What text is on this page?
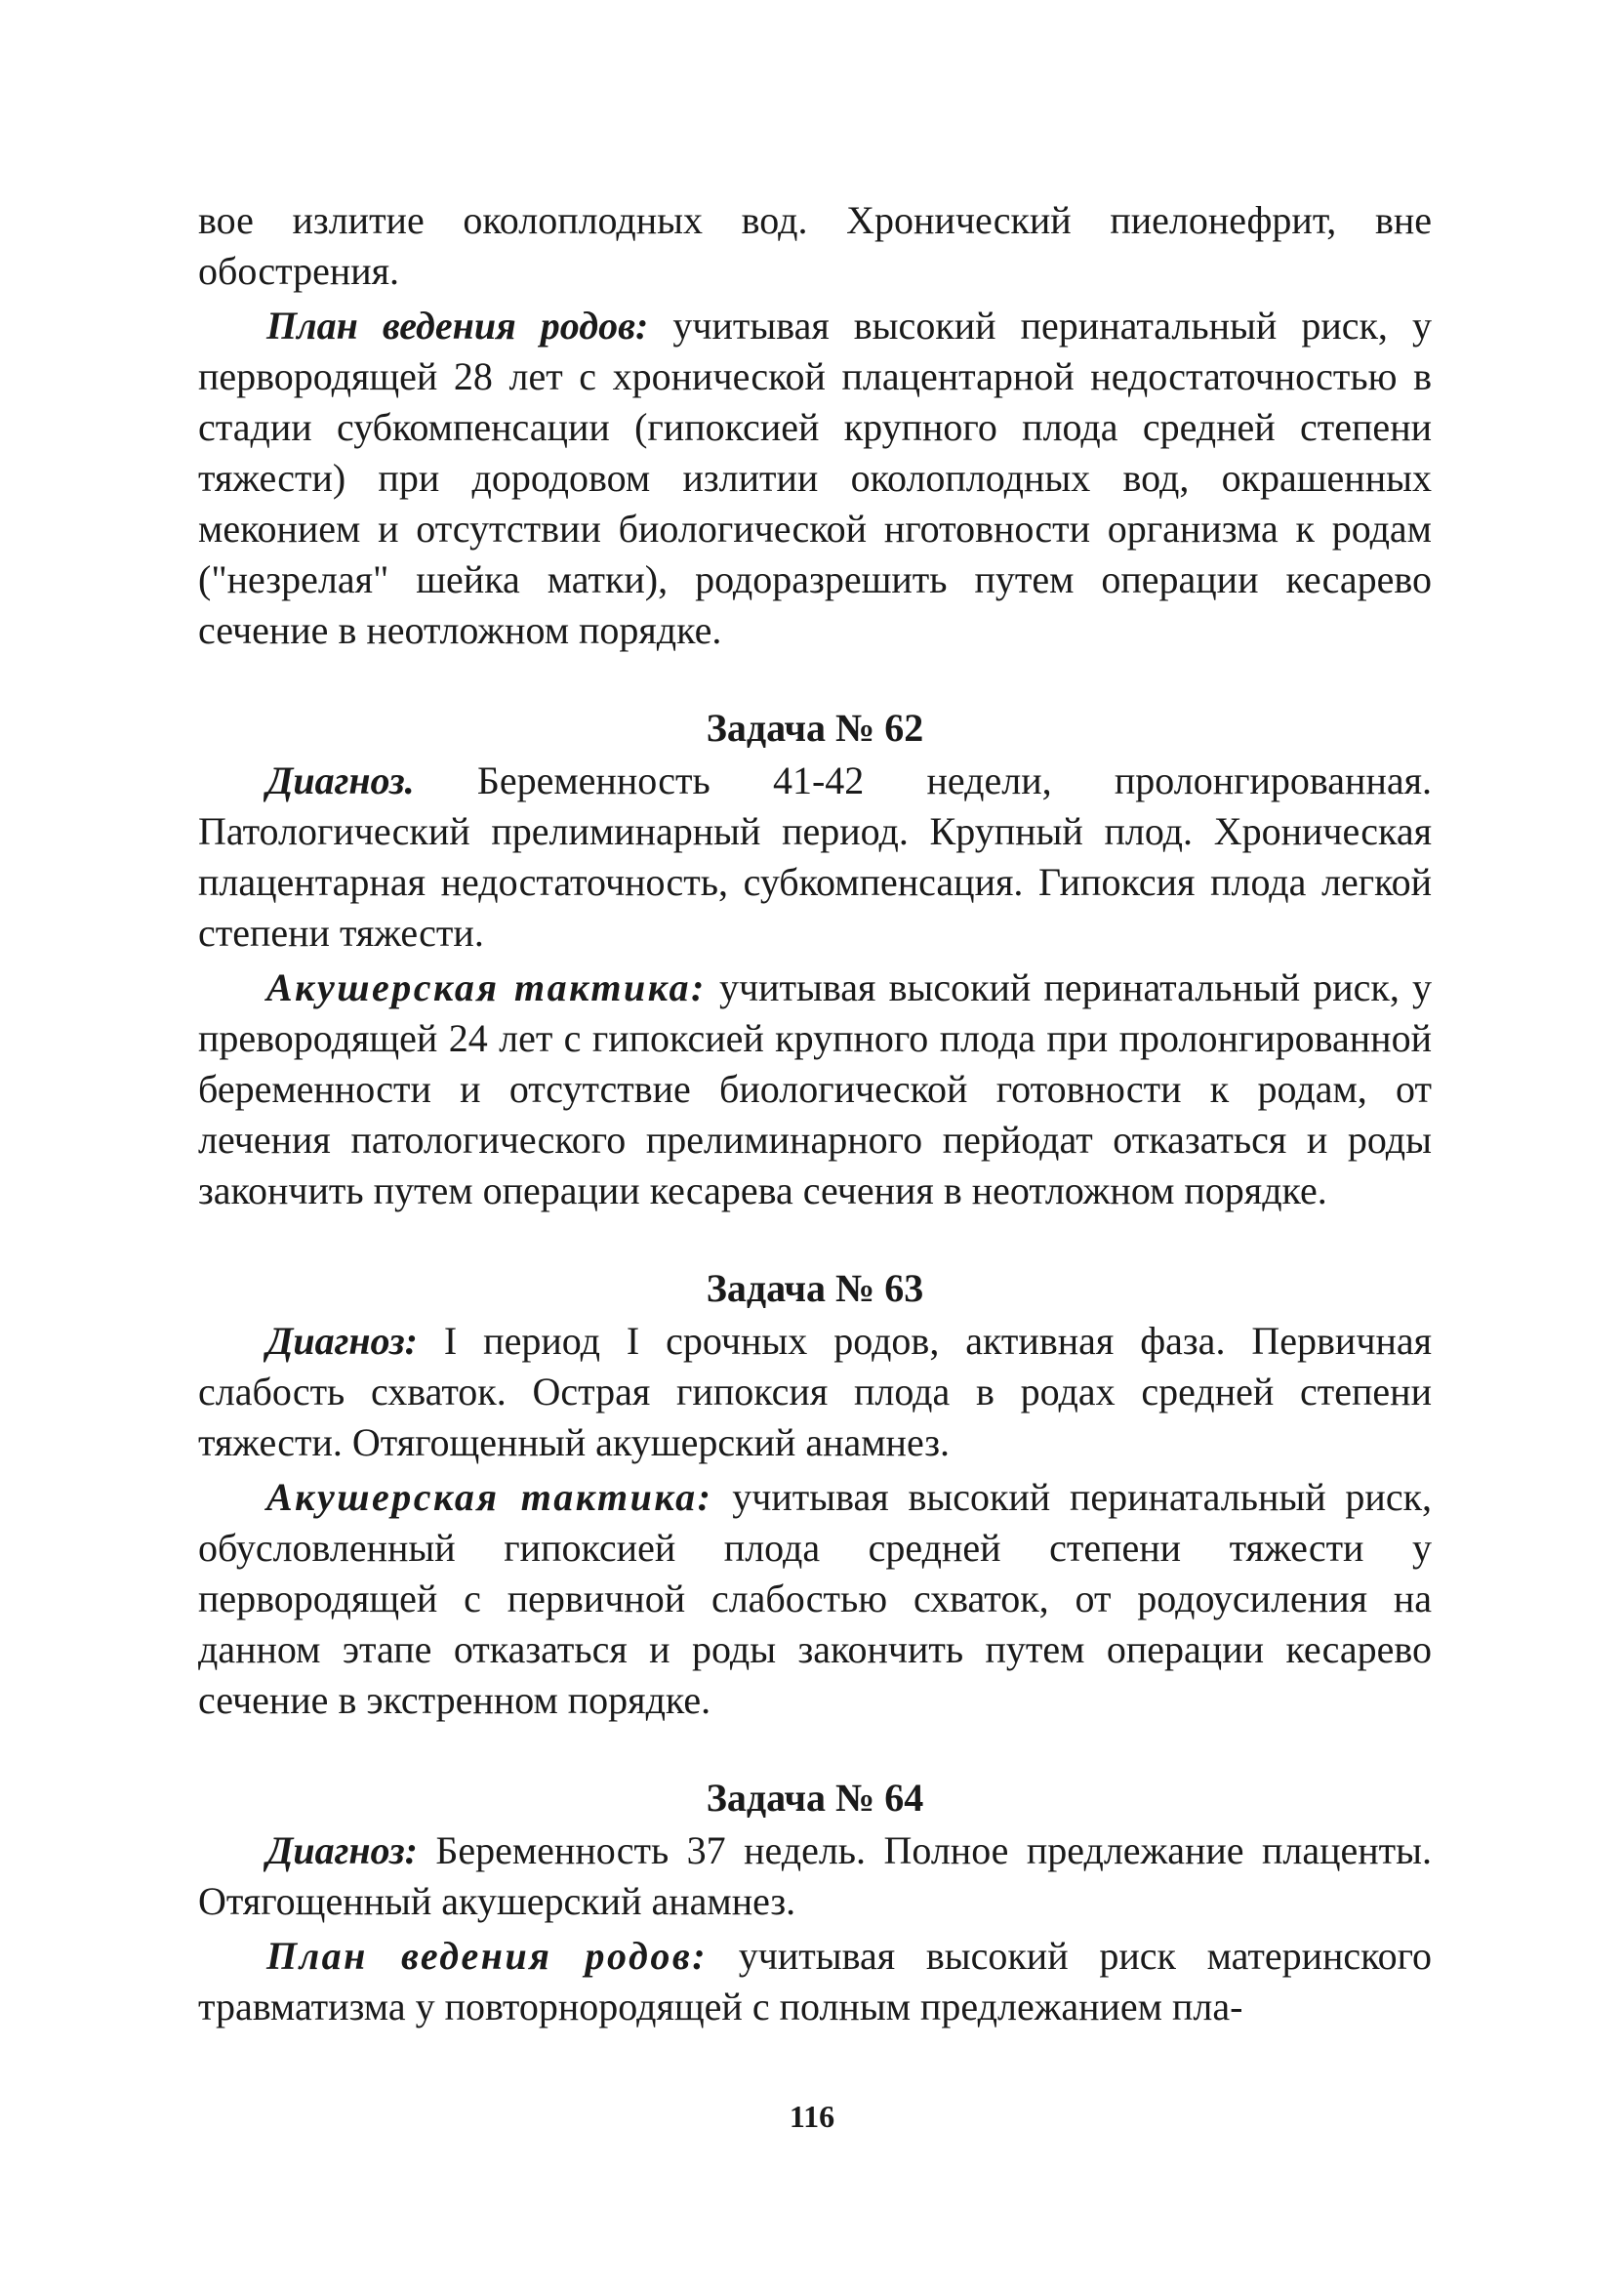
вое излитие околоплодных вод. Хронический пиелонефрит, вне обострения.

План ведения родов: учитывая высокий перинатальный риск, у первородящей 28 лет с хронической плацентарной недостаточностью в стадии субкомпенсации (гипоксией крупного плода средней степени тяжести) при дородовом излитии околоплодных вод, окрашенных меконием и отсутствии биологической нготовности организма к родам ("незрелая" шейка матки), родоразрешить путем операции кесарево сечение в неотложном порядке.

Задача № 62

Диагноз. Беременность 41-42 недели, пролонгированная. Патологический прелиминарный период. Крупный плод. Хроническая плацентарная недостаточность, субкомпенсация. Гипоксия плода легкой степени тяжести.

Акушерская тактика: учитывая высокий перинатальный риск, у превородящей 24 лет с гипоксией крупного плода при пролонгированной беременности и отсутствие биологической готовности к родам, от лечения патологического прелиминарного перйодат отказаться и роды закончить путем операции кесарева сечения в неотложном порядке.

Задача № 63

Диагноз: I период I срочных родов, активная фаза. Первичная слабость схваток. Острая гипоксия плода в родах средней степени тяжести. Отягощенный акушерский анамнез.

Акушерская тактика: учитывая высокий перинатальный риск, обусловленный гипоксией плода средней степени тяжести у первородящей с первичной слабостью схваток, от родоусиления на данном этапе отказаться и роды закончить путем операции кесарево сечение в экстренном порядке.

Задача № 64

Диагноз: Беременность 37 недель. Полное предлежание плаценты. Отягощенный акушерский анамнез.

План ведения родов: учитывая высокий риск материнского травматизма у повторнородящей с полным предлежанием пла-

116
